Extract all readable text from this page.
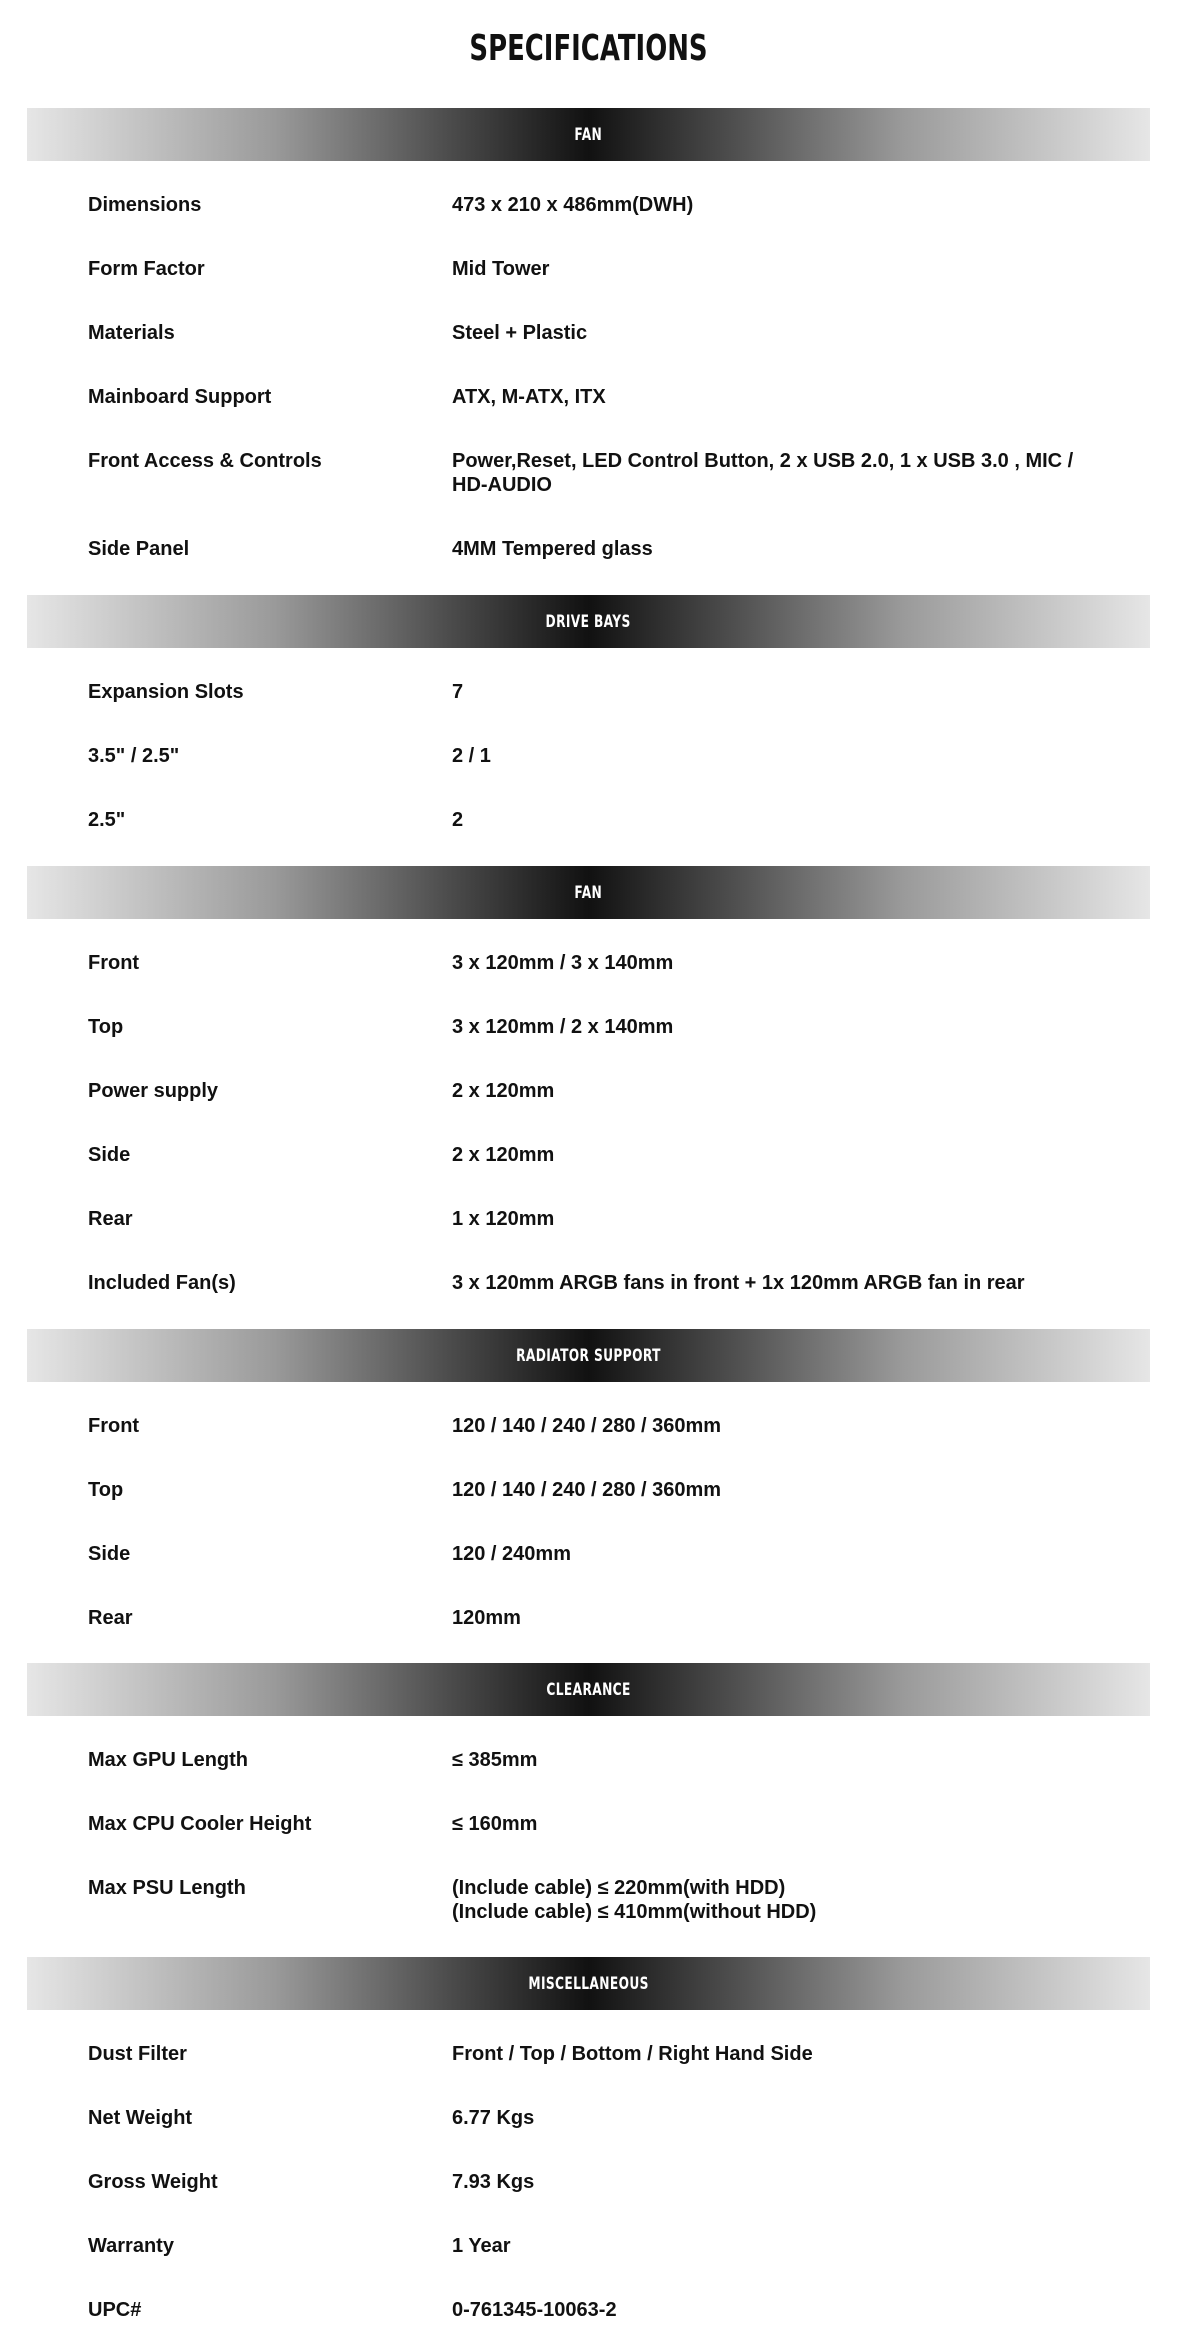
SPECIFICATIONS
FAN
Dimensions	473 x 210 x 486mm(DWH)
Form Factor	Mid Tower
Materials	Steel + Plastic
Mainboard Support	ATX, M-ATX, ITX
Front Access & Controls	Power,Reset, LED Control Button, 2 x USB 2.0, 1 x USB 3.0 , MIC /
HD-AUDIO
Side Panel	4MM Tempered glass
DRIVE BAYS
Expansion Slots	7
3.5" / 2.5"	2 / 1
2.5"	2
FAN
Front	3 x 120mm / 3 x 140mm
Top	3 x 120mm / 2 x 140mm
Power supply	2 x 120mm
Side	2 x 120mm
Rear	1 x 120mm
Included Fan(s)	3 x 120mm ARGB fans in front + 1x 120mm ARGB fan in rear
RADIATOR SUPPORT
Front	120 / 140 / 240 / 280 / 360mm
Top	120 / 140 / 240 / 280 / 360mm
Side	120 / 240mm
Rear	120mm
CLEARANCE
Max GPU Length	≤ 385mm
Max CPU Cooler Height	≤ 160mm
Max PSU Length	(Include cable) ≤ 220mm(with HDD)
(Include cable) ≤ 410mm(without HDD)
MISCELLANEOUS
Dust Filter	Front / Top / Bottom / Right Hand Side
Net Weight	6.77 Kgs
Gross Weight	7.93 Kgs
Warranty	1 Year
UPC#	0-761345-10063-2
